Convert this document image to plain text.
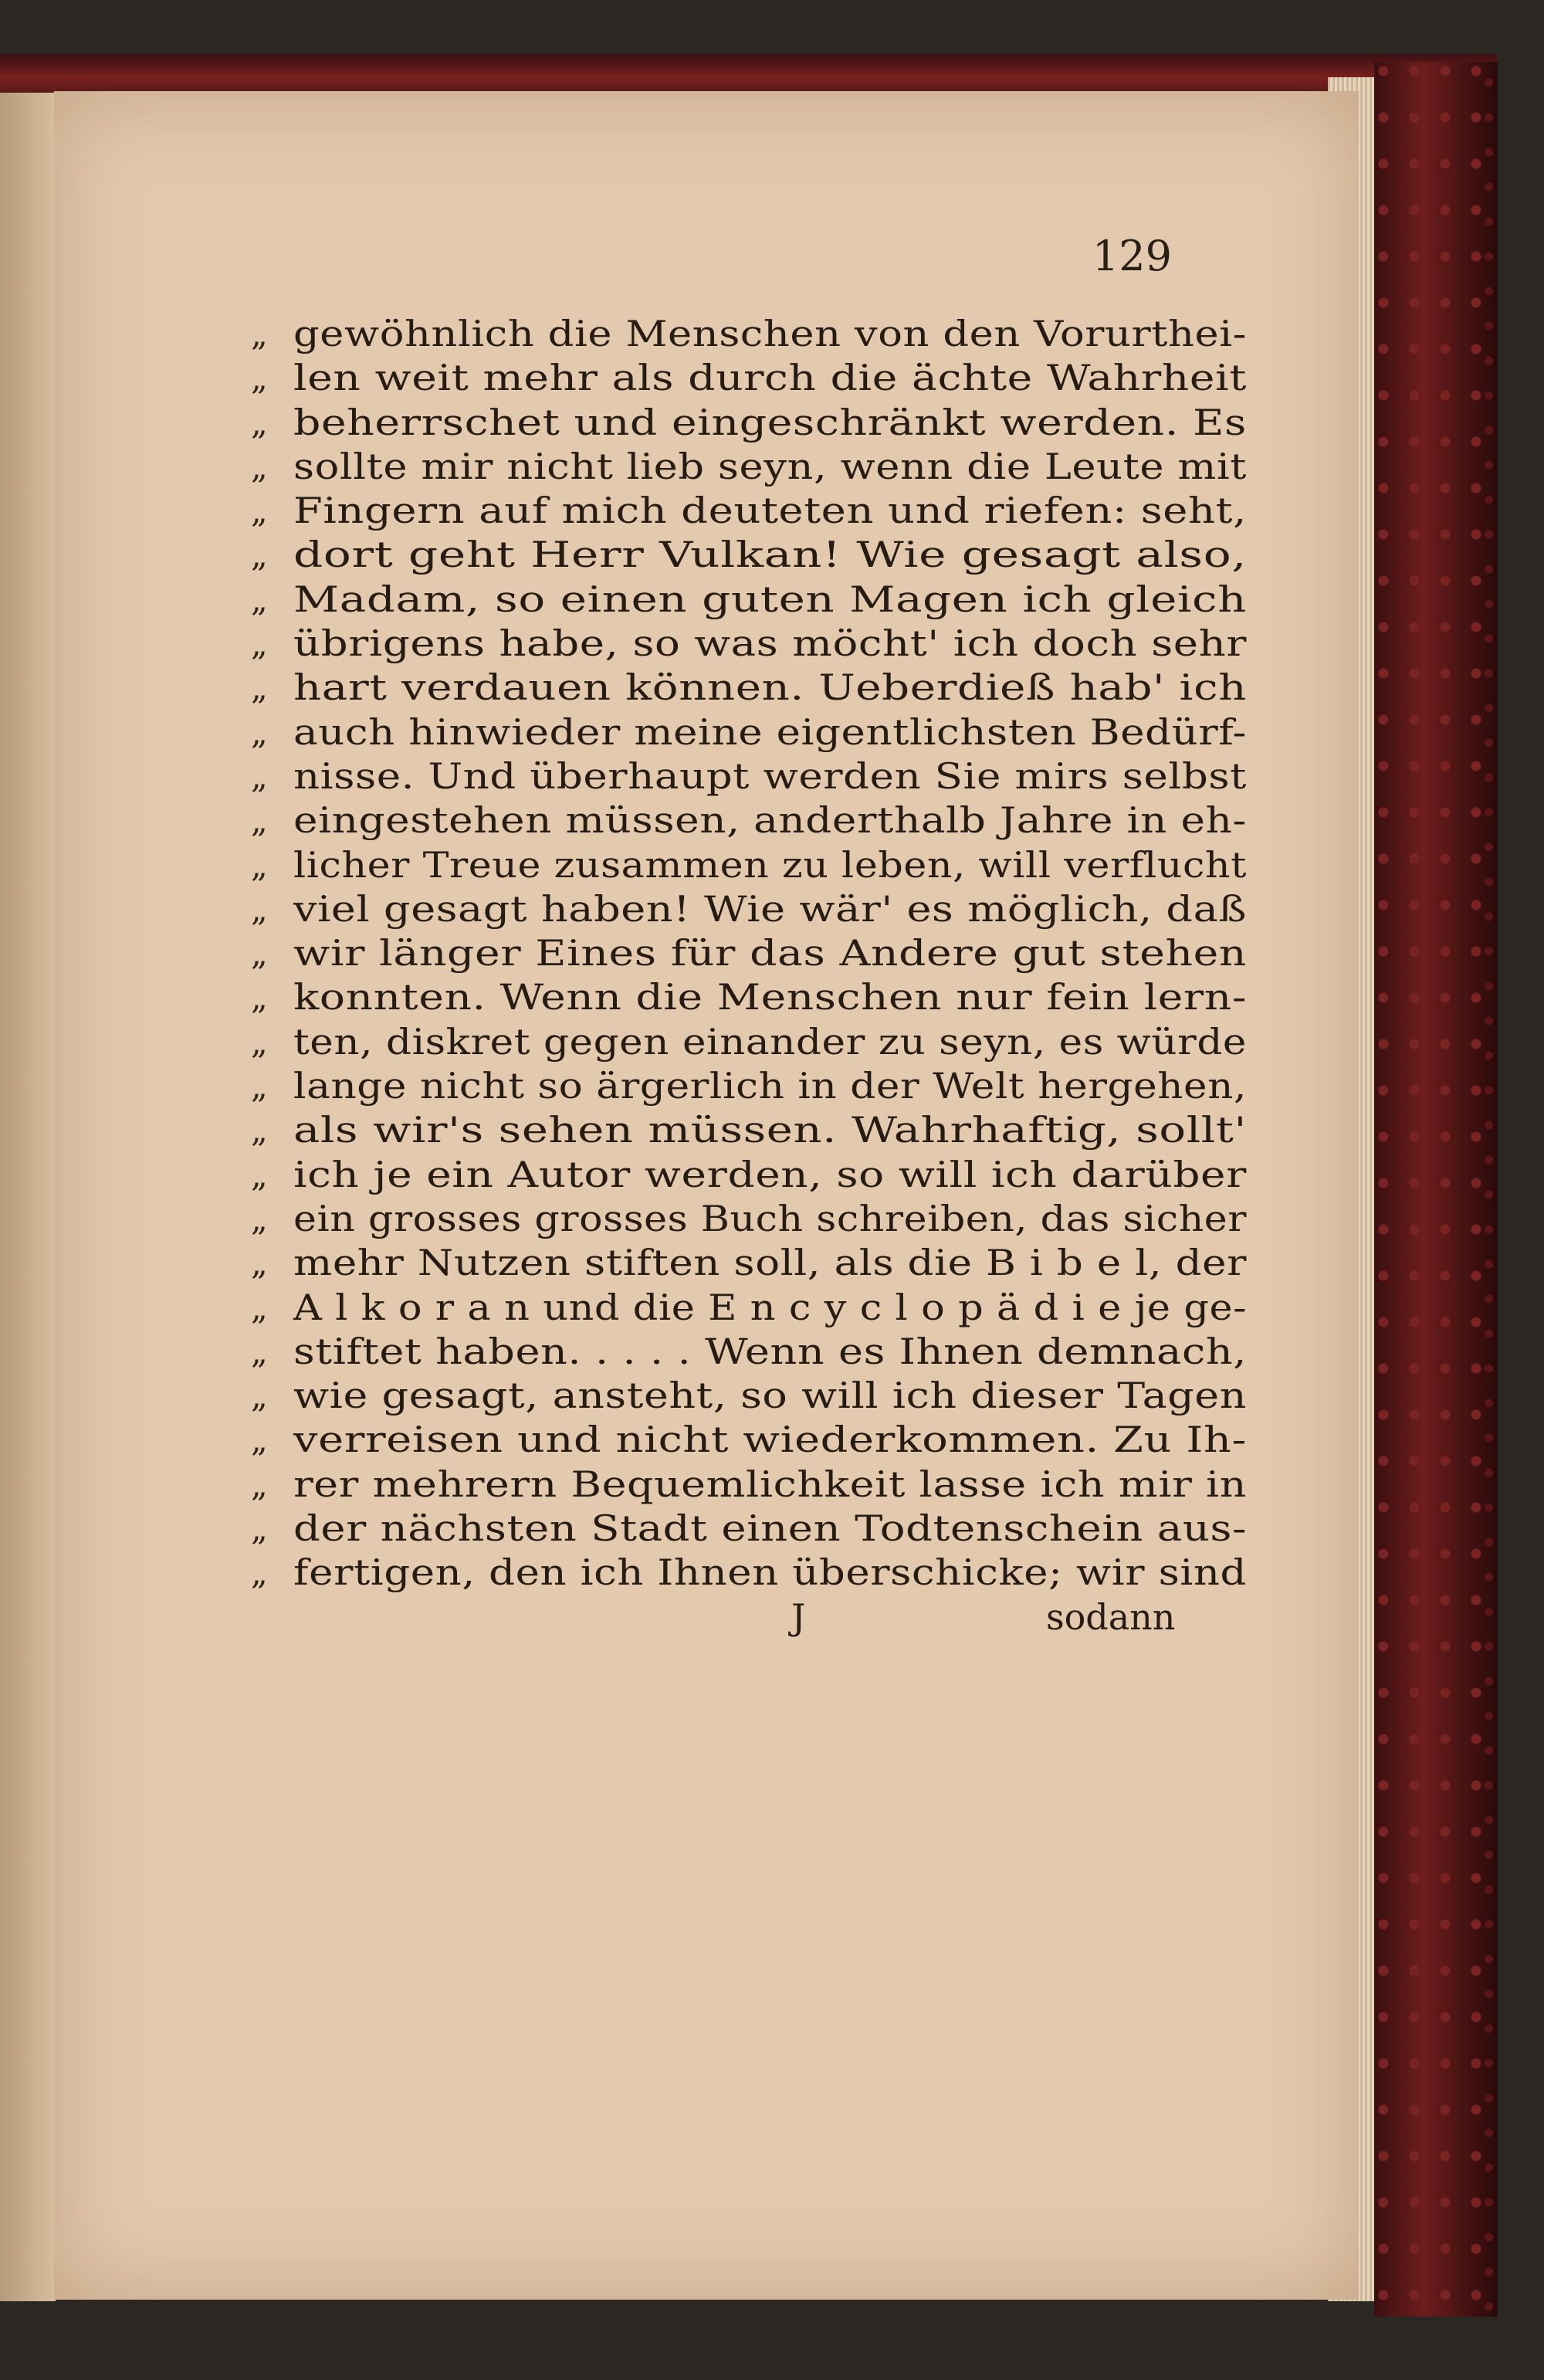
129
„ gewöhnlich die Menschen von den Vorurthei-
„ len weit mehr als durch die ächte Wahrheit
„ beherrschet und eingeschränkt werden. Es
„ sollte mir nicht lieb seyn, wenn die Leute mit
„ Fingern auf mich deuteten und riefen: seht,
„ dort geht Herr Vulkan! Wie gesagt also,
„ Madam, so einen guten Magen ich gleich
„ übrigens habe, so was möcht' ich doch sehr
„ hart verdauen können. Ueberdieß hab' ich
„ auch hinwieder meine eigentlichsten Bedürf-
„ nisse. Und überhaupt werden Sie mirs selbst
„ eingestehen müssen, anderthalb Jahre in eh-
„ licher Treue zusammen zu leben, will verflucht
„ viel gesagt haben! Wie wär' es möglich, daß
„ wir länger Eines für das Andere gut stehen
„ konnten. Wenn die Menschen nur fein lern-
„ ten, diskret gegen einander zu seyn, es würde
„ lange nicht so ärgerlich in der Welt hergehen,
„ als wir's sehen müssen. Wahrhaftig, sollt'
„ ich je ein Autor werden, so will ich darüber
„ ein grosses grosses Buch schreiben, das sicher
„ mehr Nutzen stiften soll, als die B i b e l, der
„ A l k o r a n und die E n c y c l o p ä d i e je ge-
„ stiftet haben. . . . . Wenn es Ihnen demnach,
„ wie gesagt, ansteht, so will ich dieser Tagen
„ verreisen und nicht wiederkommen. Zu Ih-
„ rer mehrern Bequemlichkeit lasse ich mir in
„ der nächsten Stadt einen Todtenschein aus-
„ fertigen, den ich Ihnen überschicke; wir sind
J	sodann
